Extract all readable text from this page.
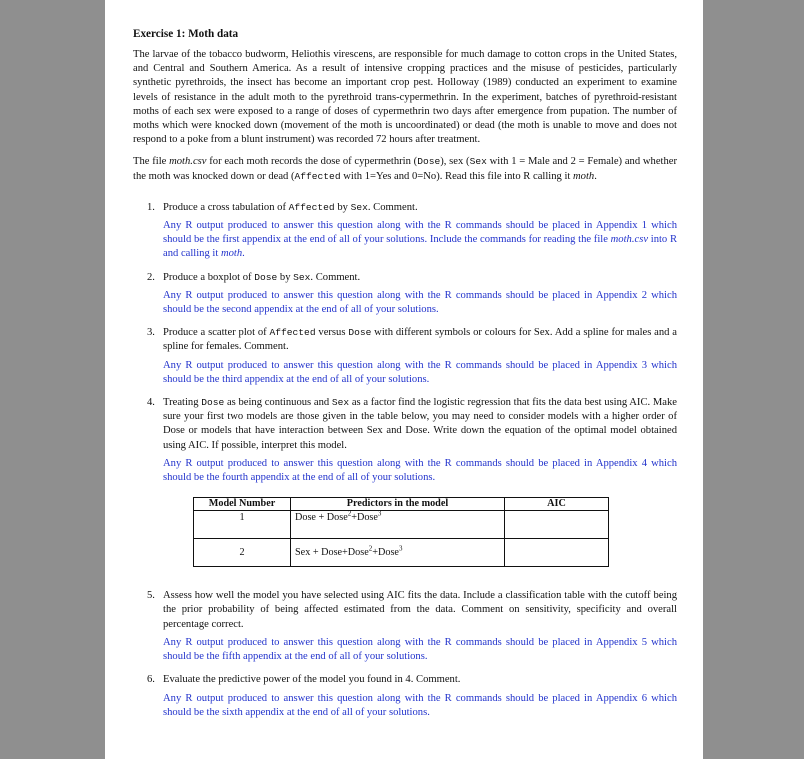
Exercise 1: Moth data

The larvae of the tobacco budworm, Heliothis virescens, are responsible for much damage to cotton crops in the United States, and Central and Southern America. As a result of intensive cropping practices and the misuse of pesticides, particularly synthetic pyrethroids, the insect has become an important crop pest. Holloway (1989) conducted an experiment to examine levels of resistance in the adult moth to the pyrethroid trans-cypermethrin. In the experiment, batches of pyrethroid-resistant moths of each sex were exposed to a range of doses of cypermethrin two days after emergence from pupation. The number of moths which were knocked down (movement of the moth is uncoordinated) or dead (the moth is unable to move and does not respond to a poke from a blunt instrument) was recorded 72 hours after treatment.

The file moth.csv for each moth records the dose of cypermethrin (Dose), sex (Sex with 1 = Male and 2 = Female) and whether the moth was knocked down or dead (Affected with 1=Yes and 0=No). Read this file into R calling it moth.

1. Produce a cross tabulation of Affected by Sex. Comment.
Any R output produced to answer this question along with the R commands should be placed in Appendix 1 which should be the first appendix at the end of all of your solutions. Include the commands for reading the file moth.csv into R and calling it moth.
2. Produce a boxplot of Dose by Sex. Comment.
Any R output produced to answer this question along with the R commands should be placed in Appendix 2 which should be the second appendix at the end of all of your solutions.
3. Produce a scatter plot of Affected versus Dose with different symbols or colours for Sex. Add a spline for males and a spline for females. Comment.
Any R output produced to answer this question along with the R commands should be placed in Appendix 3 which should be the third appendix at the end of all of your solutions.
4. Treating Dose as being continuous and Sex as a factor find the logistic regression that fits the data best using AIC. Make sure your first two models are those given in the table below, you may need to consider models with a higher order of Dose or models that have interaction between Sex and Dose. Write down the equation of the optimal model obtained using AIC. If possible, interpret this model.
Any R output produced to answer this question along with the R commands should be placed in Appendix 4 which should be the fourth appendix at the end of all of your solutions.
Model Number	Predictors in the model	AIC
1	Dose + Dose$^2$+Dose$^3$	
2	Sex + Dose+Dose$^2$+Dose$^3$	
5. Assess how well the model you have selected using AIC fits the data. Include a classification table with the cutoff being the prior probability of being affected estimated from the data. Comment on sensitivity, specificity and overall percentage correct.
Any R output produced to answer this question along with the R commands should be placed in Appendix 5 which should be the fifth appendix at the end of all of your solutions.
6. Evaluate the predictive power of the model you found in 4. Comment.
Any R output produced to answer this question along with the R commands should be placed in Appendix 6 which should be the sixth appendix at the end of all of your solutions.
